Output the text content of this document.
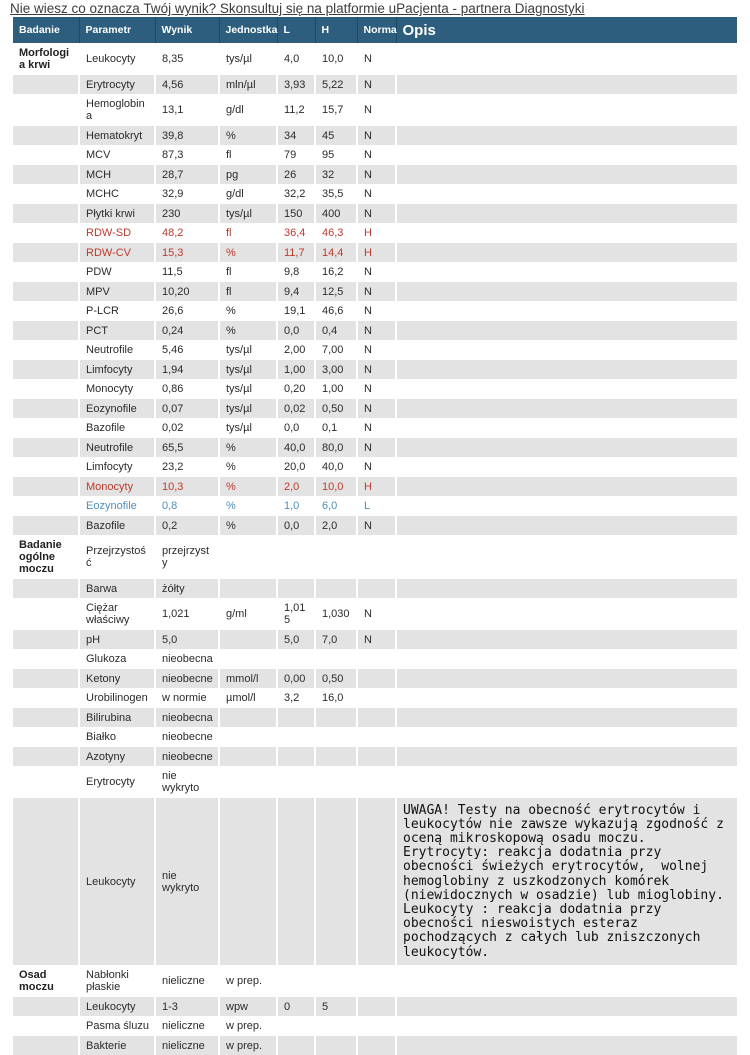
Nie wiesz co oznacza Twój wynik? Skonsultuj się na platformie uPacjenta - partnera Diagnostyki
Badanie	Parametr	Wynik	Jednostka	L	H	Norma	Opis
Morfologia krwi	Leukocyty	8,35	tys/µl	4,0	10,0	N	
	Erytrocyty	4,56	mln/µl	3,93	5,22	N	
	Hemoglobina	13,1	g/dl	11,2	15,7	N	
	Hematokryt	39,8	%	34	45	N	
	MCV	87,3	fl	79	95	N	
	MCH	28,7	pg	26	32	N	
	MCHC	32,9	g/dl	32,2	35,5	N	
	Płytki krwi	230	tys/µl	150	400	N	
	RDW-SD	48,2	fl	36,4	46,3	H	
	RDW-CV	15,3	%	11,7	14,4	H	
	PDW	11,5	fl	9,8	16,2	N	
	MPV	10,20	fl	9,4	12,5	N	
	P-LCR	26,6	%	19,1	46,6	N	
	PCT	0,24	%	0,0	0,4	N	
	Neutrofile	5,46	tys/µl	2,00	7,00	N	
	Limfocyty	1,94	tys/µl	1,00	3,00	N	
	Monocyty	0,86	tys/µl	0,20	1,00	N	
	Eozynofile	0,07	tys/µl	0,02	0,50	N	
	Bazofile	0,02	tys/µl	0,0	0,1	N	
	Neutrofile	65,5	%	40,0	80,0	N	
	Limfocyty	23,2	%	20,0	40,0	N	
	Monocyty	10,3	%	2,0	10,0	H	
	Eozynofile	0,8	%	1,0	6,0	L	
	Bazofile	0,2	%	0,0	2,0	N	
Badanie ogólne moczu	Przejrzystość	przejrzysty					
	Barwa	żółty					
	Ciężar właściwy	1,021	g/ml	1,015	1,030	N	
	pH	5,0		5,0	7,0	N	
	Glukoza	nieobecna					
	Ketony	nieobecne	mmol/l	0,00	0,50		
	Urobilinogen	w normie	µmol/l	3,2	16,0		
	Bilirubina	nieobecna					
	Białko	nieobecne					
	Azotyny	nieobecne					
	Erytrocyty	nie wykryto					
	Leukocyty	nie wykryto					UWAGA! Testy na obecność erytrocytów i leukocytów nie zawsze wykazują zgodność z oceną mikroskopową osadu moczu. Erytrocyty: reakcja dodatnia przy obecności świeżych erytrocytów,  wolnej hemoglobiny z uszkodzonych komórek (niewidocznych w osadzie) lub mioglobiny. Leukocyty : reakcja dodatnia przy obecności nieswoistych esteraz pochodzących z całych lub zniszczonych leukocytów.

Osad moczu	Nabłonki płaskie	nieliczne	w prep.				
	Leukocyty	1-3	wpw	0	5		
	Pasma śluzu	nieliczne	w prep.				
	Bakterie	nieliczne	w prep.				
